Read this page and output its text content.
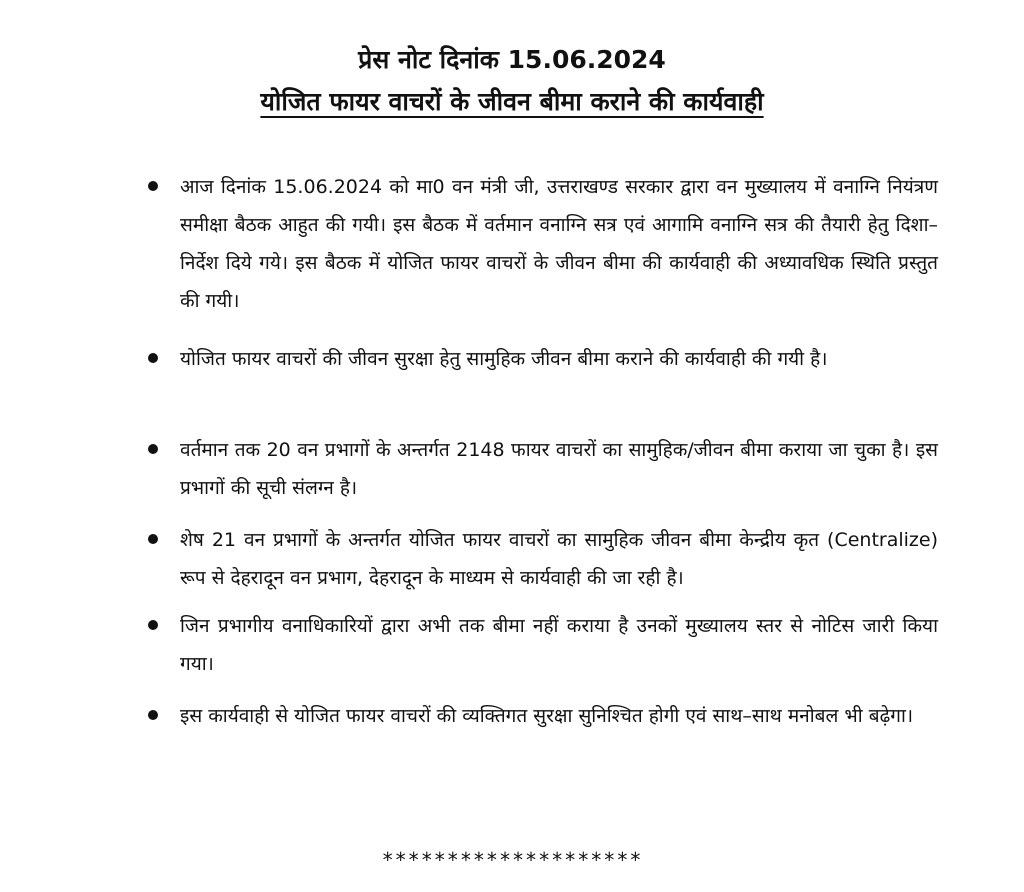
प्रेस नोट दिनांक 15.06.2024
योजित फायर वाचरों के जीवन बीमा कराने की कार्यवाही

आज दिनांक 15.06.2024 को मा0 वन मंत्री जी, उत्तराखण्ड सरकार द्वारा वन मुख्यालय में वनाग्नि नियंत्रण समीक्षा बैठक आहुत की गयी। इस बैठक में वर्तमान वनाग्नि सत्र एवं आगामि वनाग्नि सत्र की तैयारी हेतु दिशा–निर्देश दिये गये। इस बैठक में योजित फायर वाचरों के जीवन बीमा की कार्यवाही की अध्यावधिक स्थिति प्रस्तुत की गयी।

योजित फायर वाचरों की जीवन सुरक्षा हेतु सामुहिक जीवन बीमा कराने की कार्यवाही की गयी है।

वर्तमान तक 20 वन प्रभागों के अन्तर्गत 2148 फायर वाचरों का सामुहिक/जीवन बीमा कराया जा चुका है। इस प्रभागों की सूची संलग्न है।

शेष 21 वन प्रभागों के अन्तर्गत योजित फायर वाचरों का सामुहिक जीवन बीमा केन्द्रीय कृत (Centralize) रूप से देहरादून वन प्रभाग, देहरादून के माध्यम से कार्यवाही की जा रही है।

जिन प्रभागीय वनाधिकारियों द्वारा अभी तक बीमा नहीं कराया है उनकों मुख्यालय स्तर से नोटिस जारी किया गया।

इस कार्यवाही से योजित फायर वाचरों की व्यक्तिगत सुरक्षा सुनिश्चित होगी एवं साथ–साथ मनोबल भी बढ़ेगा।

********************
